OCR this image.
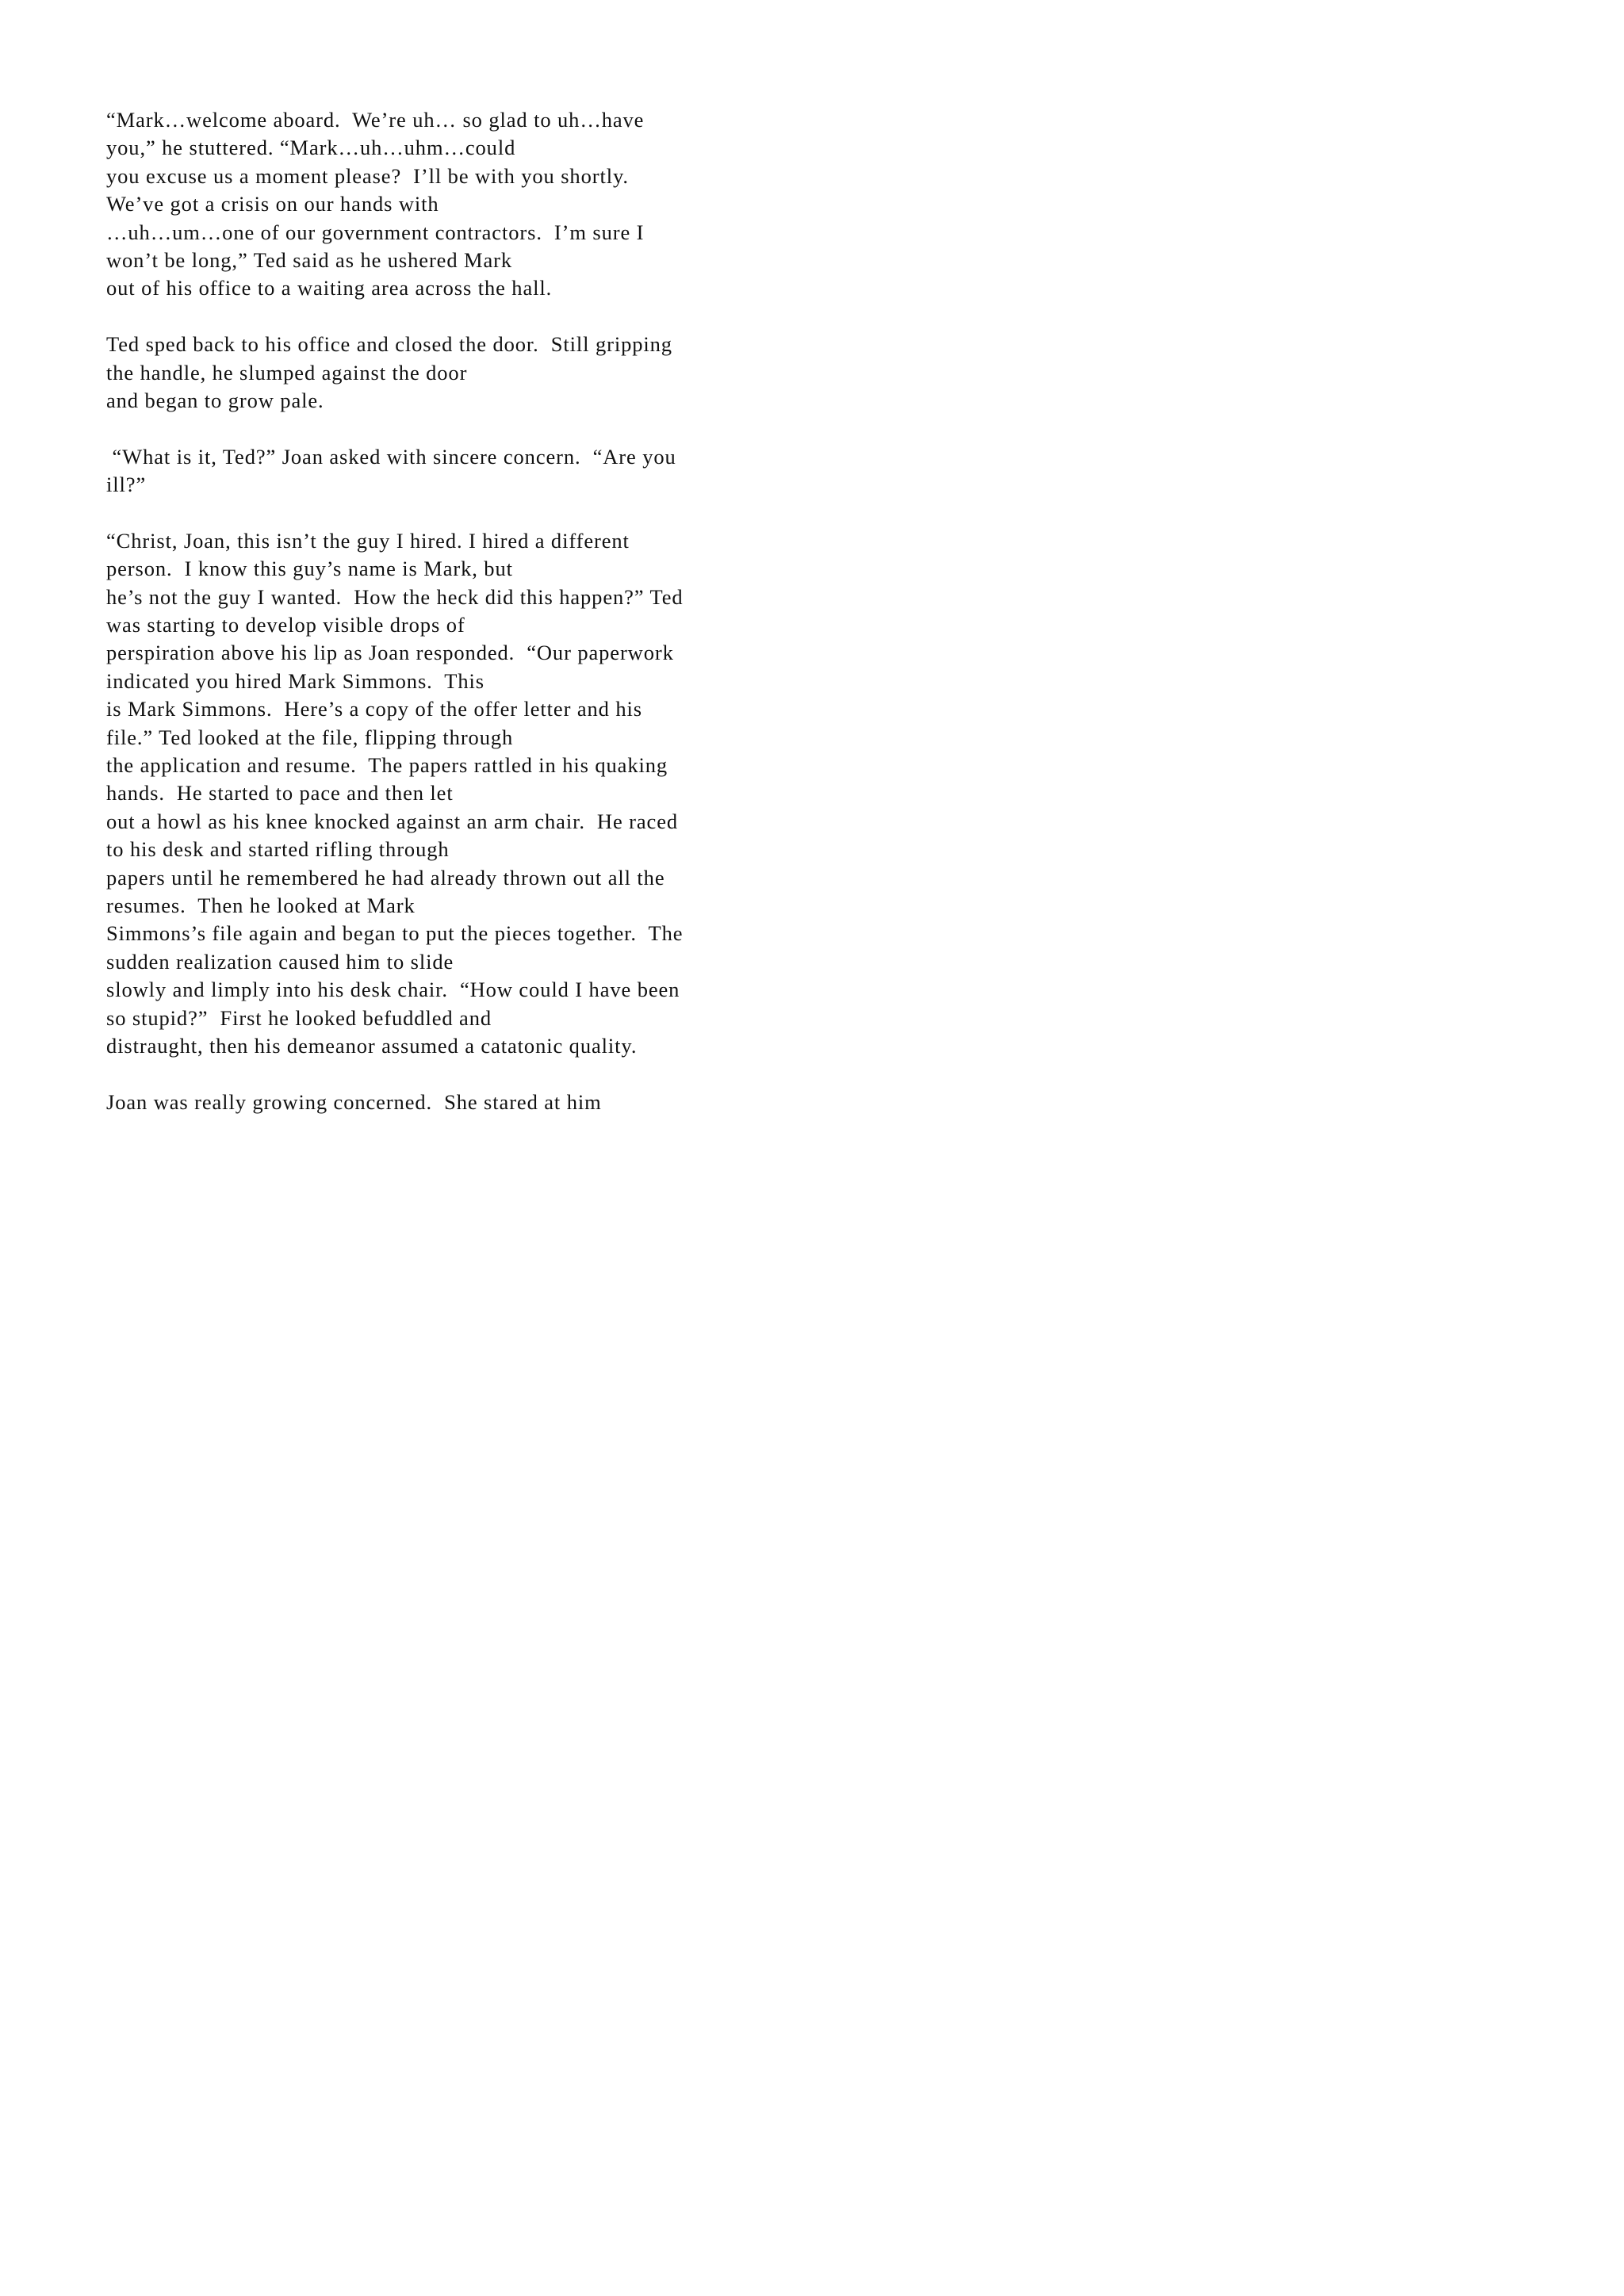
“Mark…welcome aboard.  We’re uh… so glad to uh…have
you,” he stuttered. “Mark…uh…uhm…could
you excuse us a moment please?  I’ll be with you shortly.
We’ve got a crisis on our hands with
…uh…um…one of our government contractors.  I’m sure I
won’t be long,” Ted said as he ushered Mark
out of his office to a waiting area across the hall.
Ted sped back to his office and closed the door.  Still gripping
the handle, he slumped against the door
and began to grow pale.
“What is it, Ted?” Joan asked with sincere concern.  “Are you
ill?”
“Christ, Joan, this isn’t the guy I hired. I hired a different
person.  I know this guy’s name is Mark, but
he’s not the guy I wanted.  How the heck did this happen?” Ted
was starting to develop visible drops of
perspiration above his lip as Joan responded.  “Our paperwork
indicated you hired Mark Simmons.  This
is Mark Simmons.  Here’s a copy of the offer letter and his
file.” Ted looked at the file, flipping through
the application and resume.  The papers rattled in his quaking
hands.  He started to pace and then let
out a howl as his knee knocked against an arm chair.  He raced
to his desk and started rifling through
papers until he remembered he had already thrown out all the
resumes.  Then he looked at Mark
Simmons’s file again and began to put the pieces together.  The
sudden realization caused him to slide
slowly and limply into his desk chair.  “How could I have been
so stupid?”  First he looked befuddled and
distraught, then his demeanor assumed a catatonic quality.
Joan was really growing concerned.  She stared at him
